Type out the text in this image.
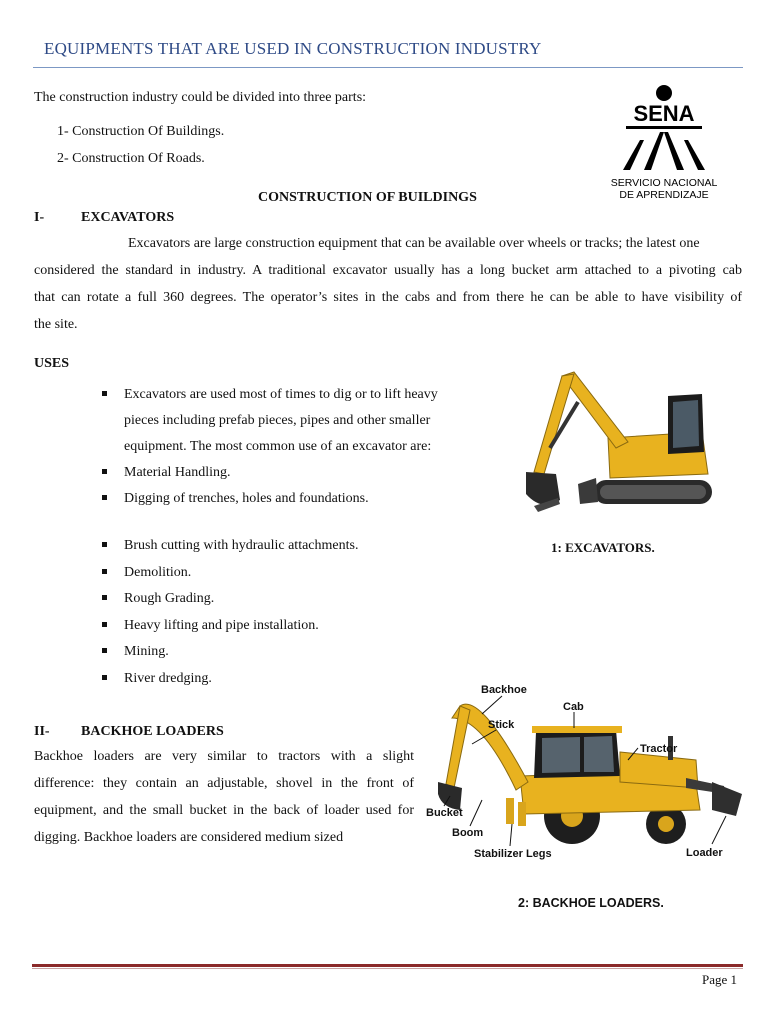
EQUIPMENTS THAT ARE USED IN CONSTRUCTION INDUSTRY
The construction industry could be divided into three parts:
1- Construction Of Buildings.
2- Construction Of Roads.
SENA
SERVICIO NACIONAL
DE APRENDIZAJE
CONSTRUCTION OF BUILDINGS
I-	EXCAVATORS
Excavators are large construction equipment that can be available over wheels or tracks; the latest one
considered the standard in industry. A traditional excavator usually has a long bucket arm attached to a pivoting cab
that can rotate a full 360 degrees. The operator’s sites in the cabs and from there he can be able to have visibility of
the site.
USES
Excavators are used most of times to dig or to lift heavy
pieces including prefab pieces, pipes and other smaller
equipment. The most common use of an excavator are:
Material Handling.
Digging of trenches, holes and foundations.
Brush cutting with hydraulic attachments.
Demolition.
Rough Grading.
Heavy lifting and pipe installation.
Mining.
River dredging.
1: EXCAVATORS.
II- BACKHOE LOADERS
Backhoe loaders are very similar to tractors with a slight
difference: they contain an adjustable, shovel in the front of
equipment, and the small bucket in the back of loader used for
digging. Backhoe loaders are considered medium sized
Backhoe
Cab
Stick
Tractor
Bucket
Boom
Stabilizer Legs	Loader
2: BACKHOE LOADERS.
Page 1
